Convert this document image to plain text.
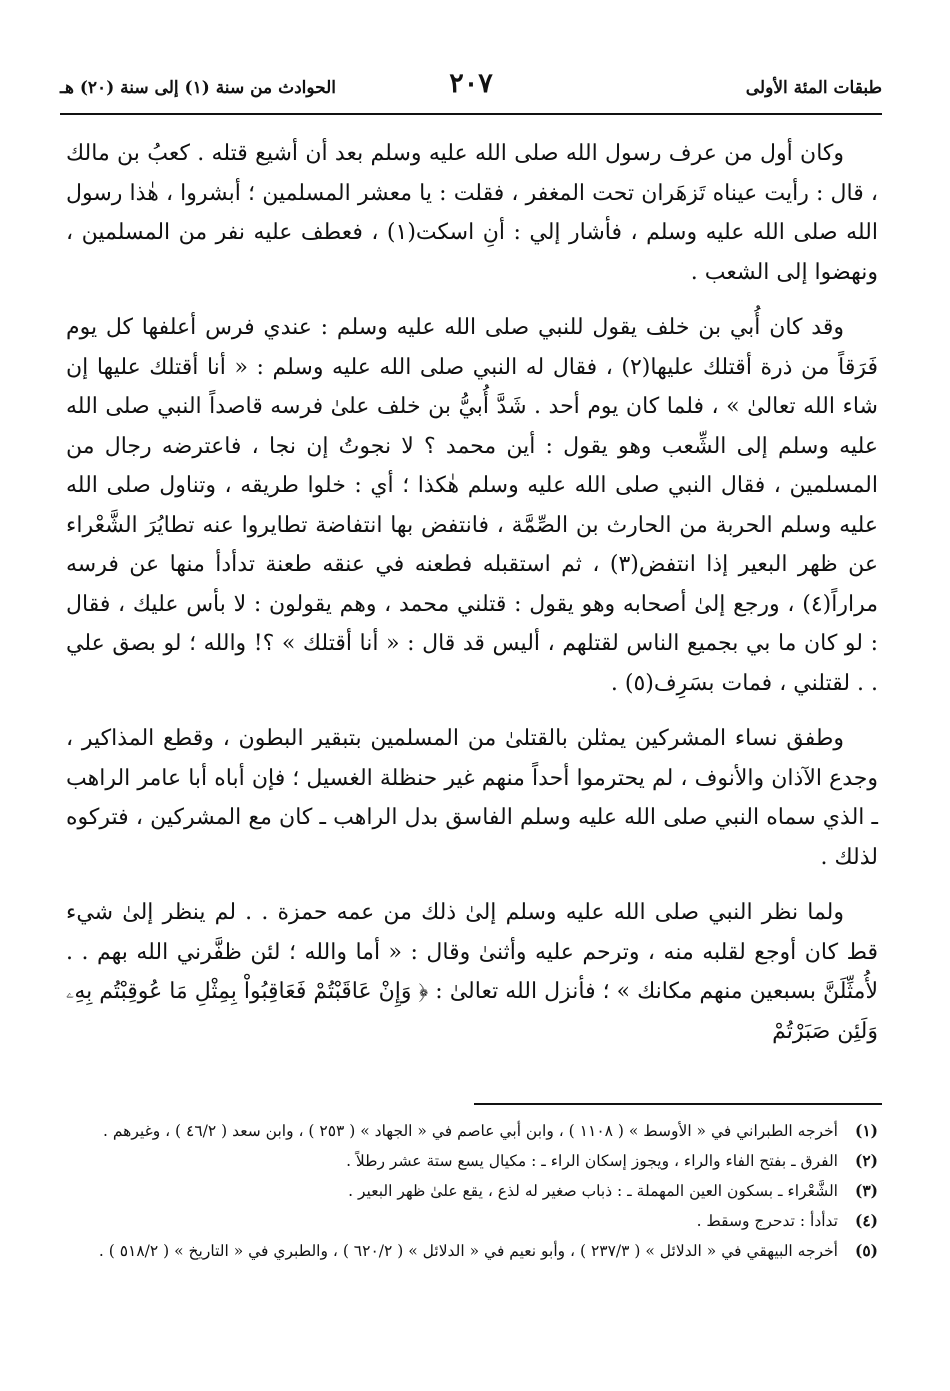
طبقات المئة الأولى
٢٠٧
الحوادث من سنة (١) إلى سنة (٢٠) هـ

وكان أول من عرف رسول الله صلى الله عليه وسلم بعد أن أشيع قتله . كعبُ بن مالك ، قال : رأيت عيناه تَزهَران تحت المغفر ، فقلت : يا معشر المسلمين ؛ أبشروا ، هٰذا رسول الله صلى الله عليه وسلم ، فأشار إلي : أنِ اسكت(١) ، فعطف عليه نفر من المسلمين ، ونهضوا إلى الشعب .

وقد كان أُبي بن خلف يقول للنبي صلى الله عليه وسلم : عندي فرس أعلفها كل يوم فَرَقاً من ذرة أقتلك عليها(٢) ، فقال له النبي صلى الله عليه وسلم : « أنا أقتلك عليها إن شاء الله تعالىٰ » ، فلما كان يوم أحد . شَدَّ أُبيُّ بن خلف علىٰ فرسه قاصداً النبي صلى الله عليه وسلم إلى الشِّعب وهو يقول : أين محمد ؟ لا نجوتُ إن نجا ، فاعترضه رجال من المسلمين ، فقال النبي صلى الله عليه وسلم هٰكذا ؛ أي : خلوا طريقه ، وتناول صلى الله عليه وسلم الحربة من الحارث بن الصِّمَّة ، فانتفض بها انتفاضة تطايروا عنه تطايُرَ الشَّعْراء عن ظهر البعير إذا انتفض(٣) ، ثم استقبله فطعنه في عنقه طعنة تدأدأ منها عن فرسه مراراً(٤) ، ورجع إلىٰ أصحابه وهو يقول : قتلني محمد ، وهم يقولون : لا بأس عليك ، فقال : لو كان ما بي بجميع الناس لقتلهم ، أليس قد قال : « أنا أقتلك » ؟! والله ؛ لو بصق علي . . لقتلني ، فمات بسَرِف(٥) .

وطفق نساء المشركين يمثلن بالقتلىٰ من المسلمين بتبقير البطون ، وقطع المذاكير ، وجدع الآذان والأنوف ، لم يحترموا أحداً منهم غير حنظلة الغسيل ؛ فإن أباه أبا عامر الراهب ـ الذي سماه النبي صلى الله عليه وسلم الفاسق بدل الراهب ـ كان مع المشركين ، فتركوه لذلك .

ولما نظر النبي صلى الله عليه وسلم إلىٰ ذلك من عمه حمزة . . لم ينظر إلىٰ شيء قط كان أوجع لقلبه منه ، وترحم عليه وأثنىٰ وقال : « أما والله ؛ لئن ظفَّرني الله بهم . . لأُمثِّلَنَّ بسبعين منهم مكانك » ؛ فأنزل الله تعالىٰ : ﴿ وَإِنْ عَاقَبْتُمْ فَعَاقِبُواْ بِمِثْلِ مَا عُوقِبْتُم بِهِۦ وَلَئِن صَبَرْتُمْ

(١)
أخرجه الطبراني في « الأوسط » ( ١١٠٨ ) ، وابن أبي عاصم في « الجهاد » ( ٢٥٣ ) ، وابن سعد ( ٤٦/٢ ) ، وغيرهم .
(٢)
الفرق ـ بفتح الفاء والراء ، ويجوز إسكان الراء ـ : مكيال يسع ستة عشر رطلاً .
(٣)
الشَّعْراء ـ بسكون العين المهملة ـ : ذباب صغير له لذع ، يقع علىٰ ظهر البعير .
(٤)
تدأدأ : تدحرج وسقط .
(٥)
أخرجه البيهقي في « الدلائل » ( ٢٣٧/٣ ) ، وأبو نعيم في « الدلائل » ( ٦٢٠/٢ ) ، والطبري في « التاريخ » ( ٥١٨/٢ ) .
